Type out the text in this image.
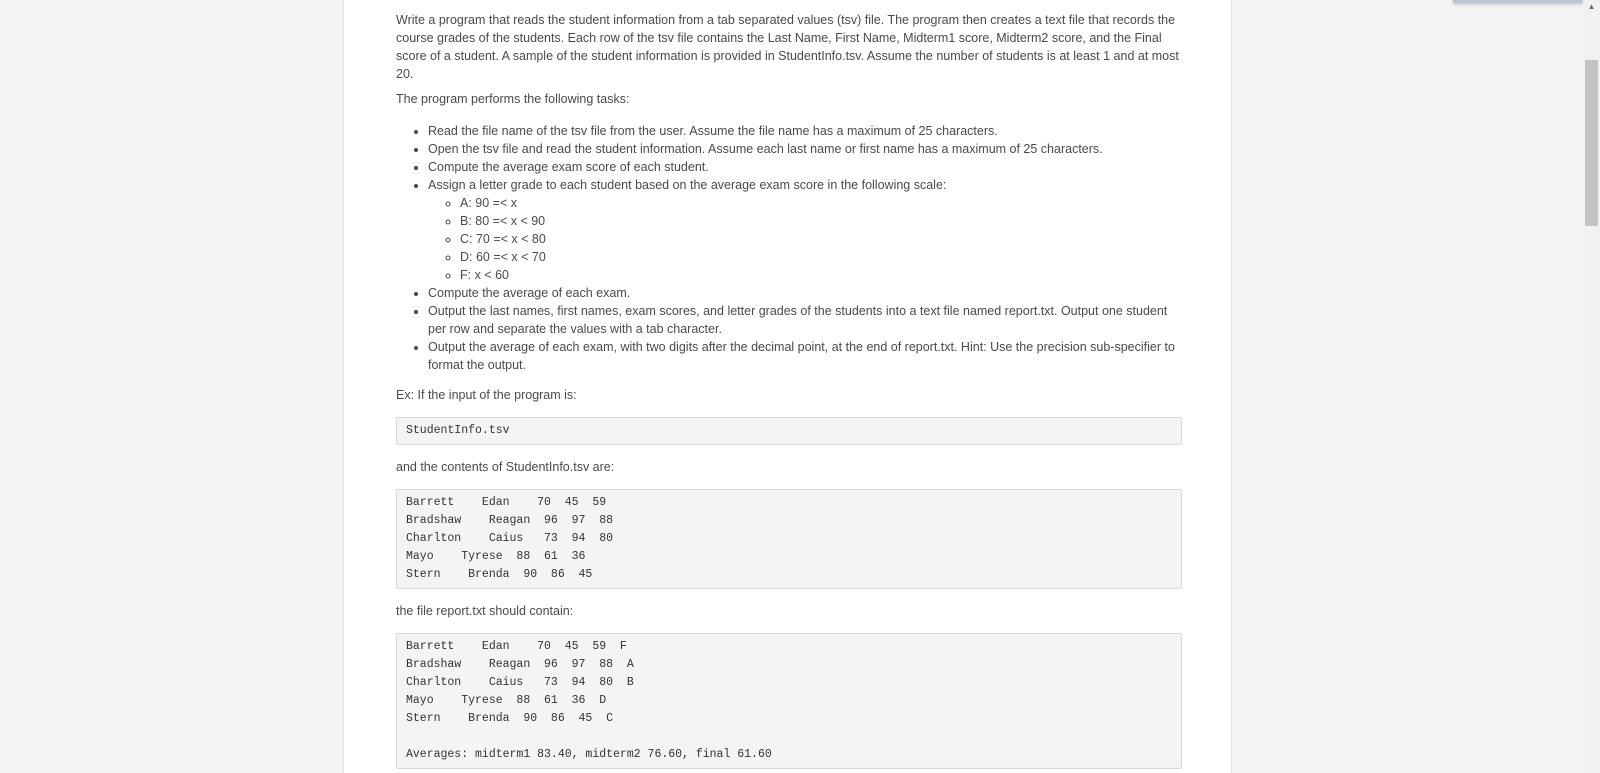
Write a program that reads the student information from a tab separated values (tsv) file. The program then creates a text file that records the course grades of the students. Each row of the tsv file contains the Last Name, First Name, Midterm1 score, Midterm2 score, and the Final score of a student. A sample of the student information is provided in StudentInfo.tsv. Assume the number of students is at least 1 and at most 20.

The program performs the following tasks:

• Read the file name of the tsv file from the user. Assume the file name has a maximum of 25 characters.
• Open the tsv file and read the student information. Assume each last name or first name has a maximum of 25 characters.
• Compute the average exam score of each student.
• Assign a letter grade to each student based on the average exam score in the following scale:
◦ A: 90 =< x
◦ B: 80 =< x < 90
◦ C: 70 =< x < 80
◦ D: 60 =< x < 70
◦ F: x < 60
• Compute the average of each exam.
• Output the last names, first names, exam scores, and letter grades of the students into a text file named report.txt. Output one student per row and separate the values with a tab character.
• Output the average of each exam, with two digits after the decimal point, at the end of report.txt. Hint: Use the precision sub-specifier to format the output.

Ex: If the input of the program is:

StudentInfo.tsv

and the contents of StudentInfo.tsv are:

Barrett    Edan    70  45  59
Bradshaw    Reagan  96  97  88
Charlton    Caius   73  94  80
Mayo    Tyrese  88  61  36
Stern    Brenda  90  86  45

the file report.txt should contain:

Barrett    Edan    70  45  59  F
Bradshaw    Reagan  96  97  88  A
Charlton    Caius   73  94  80  B
Mayo    Tyrese  88  61  36  D
Stern    Brenda  90  86  45  C
Averages: midterm1 83.40, midterm2 76.60, final 61.60
▲
